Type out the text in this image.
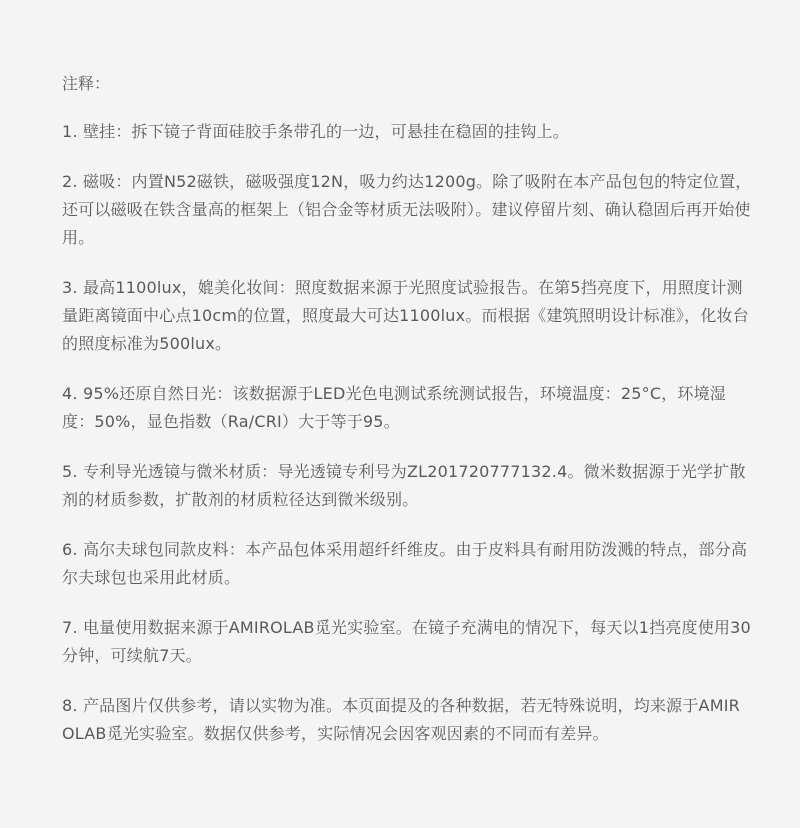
注释：

1. 壁挂：拆下镜子背面硅胶手条带孔的一边，可悬挂在稳固的挂钩上。

2. 磁吸：内置N52磁铁，磁吸强度12N，吸力约达1200g。除了吸附在本产品包包的特定位置，还可以磁吸在铁含量高的框架上（铝合金等材质无法吸附）。建议停留片刻、确认稳固后再开始使用。

3. 最高1100lux，媲美化妆间：照度数据来源于光照度试验报告。在第5挡亮度下，用照度计测量距离镜面中心点10cm的位置，照度最大可达1100lux。而根据《建筑照明设计标准》，化妆台的照度标准为500lux。

4. 95%还原自然日光：该数据源于LED光色电测试系统测试报告，环境温度：25°C，环境湿度：50%，显色指数（Ra/CRI）大于等于95。

5. 专利导光透镜与微米材质：导光透镜专利号为ZL201720777132.4。微米数据源于光学扩散剂的材质参数，扩散剂的材质粒径达到微米级别。

6. 高尔夫球包同款皮料：本产品包体采用超纤纤维皮。由于皮料具有耐用防泼溅的特点，部分高尔夫球包也采用此材质。

7. 电量使用数据来源于AMIROLAB觅光实验室。在镜子充满电的情况下，每天以1挡亮度使用30分钟，可续航7天。

8. 产品图片仅供参考，请以实物为准。本页面提及的各种数据，若无特殊说明，均来源于AMIROLAB觅光实验室。数据仅供参考，实际情况会因客观因素的不同而有差异。
